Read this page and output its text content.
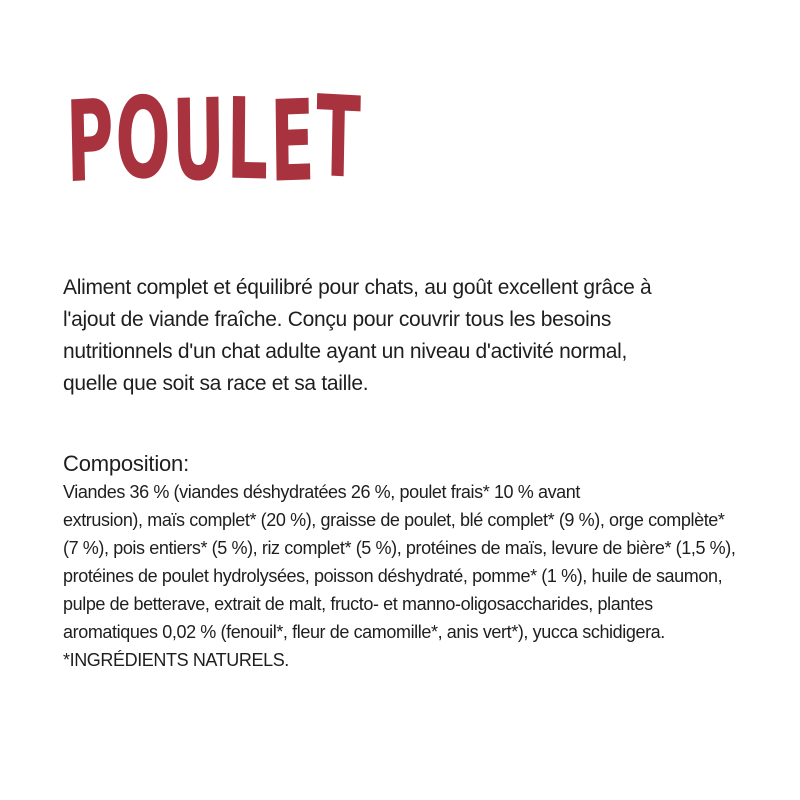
POULET
Aliment complet et équilibré pour chats, au goût excellent grâce à
l'ajout de viande fraîche. Conçu pour couvrir tous les besoins
nutritionnels d'un chat adulte ayant un niveau d'activité normal,
quelle que soit sa race et sa taille.
Composition:
Viandes 36 % (viandes déshydratées 26 %, poulet frais* 10 % avant
extrusion), maïs complet* (20 %), graisse de poulet, blé complet* (9 %), orge complète*
(7 %), pois entiers* (5 %), riz complet* (5 %), protéines de maïs, levure de bière* (1,5 %),
protéines de poulet hydrolysées, poisson déshydraté, pomme* (1 %), huile de saumon,
pulpe de betterave, extrait de malt, fructo- et manno-oligosaccharides, plantes
aromatiques 0,02 % (fenouil*, fleur de camomille*, anis vert*), yucca schidigera.
*INGRÉDIENTS NATURELS.
